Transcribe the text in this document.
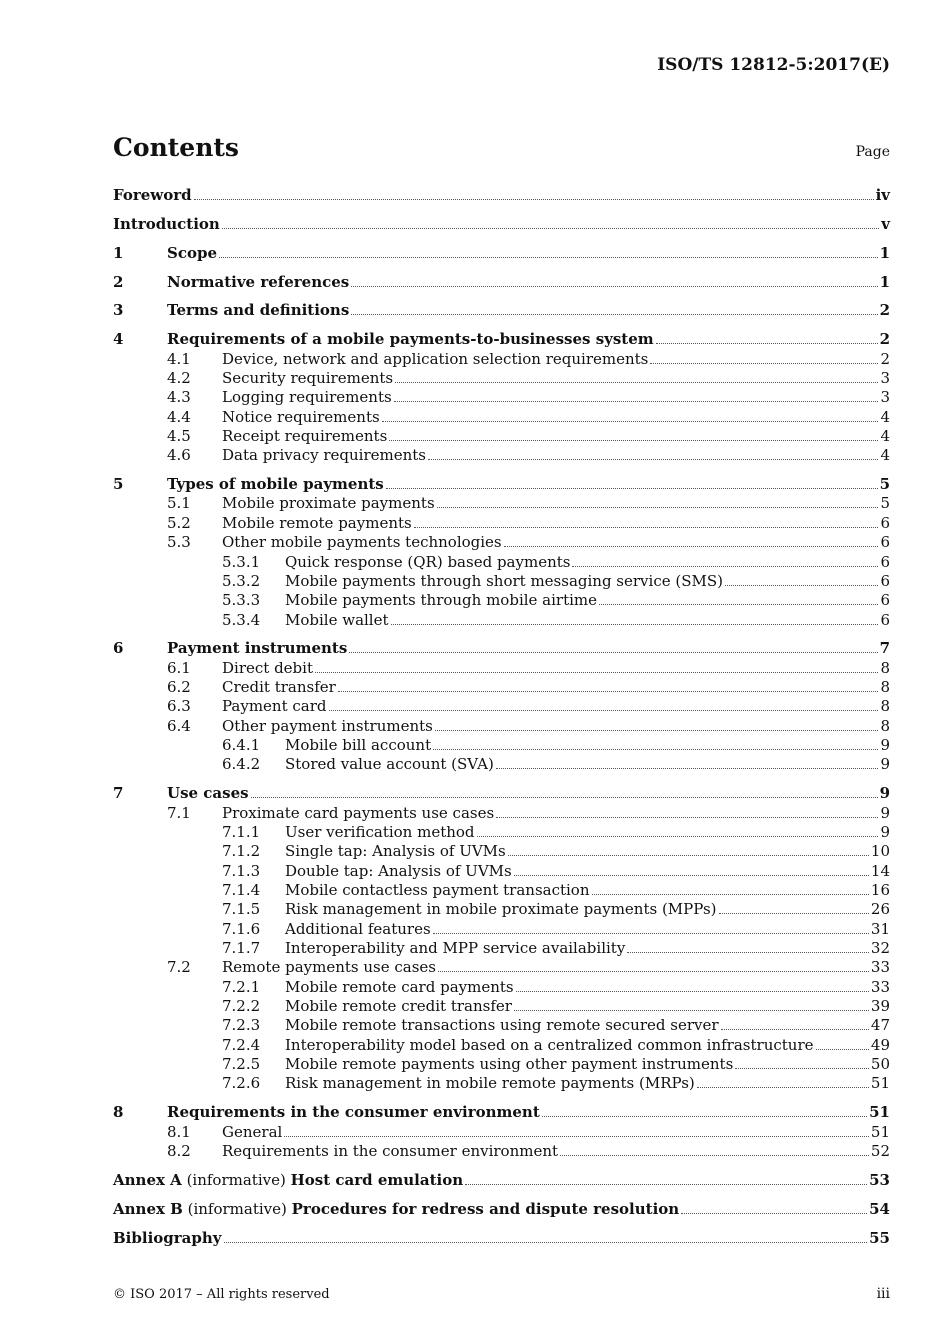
ISO/TS 12812-5:2017(E)
Contents	Page
Foreword	iv
Introduction	v
1	Scope	1
2	Normative references	1
3	Terms and definitions	2
4	Requirements of a mobile payments-to-businesses system	2
4.1 Device, network and application selection requirements	2
4.2 Security requirements	3
4.3 Logging requirements	3
4.4 Notice requirements	4
4.5 Receipt requirements	4
4.6 Data privacy requirements	4
5	Types of mobile payments	5
5.1 Mobile proximate payments	5
5.2 Mobile remote payments	6
5.3 Other mobile payments technologies	6
5.3.1 Quick response (QR) based payments	6
5.3.2 Mobile payments through short messaging service (SMS)	6
5.3.3 Mobile payments through mobile airtime	6
5.3.4 Mobile wallet	6
6	Payment instruments	7
6.1 Direct debit	8
6.2 Credit transfer	8
6.3 Payment card	8
6.4 Other payment instruments	8
6.4.1 Mobile bill account	9
6.4.2 Stored value account (SVA)	9
7	Use cases	9
7.1 Proximate card payments use cases	9
7.1.1 User verification method	9
7.1.2 Single tap: Analysis of UVMs	10
7.1.3 Double tap: Analysis of UVMs	14
7.1.4 Mobile contactless payment transaction	16
7.1.5 Risk management in mobile proximate payments (MPPs)	26
7.1.6 Additional features	31
7.1.7 Interoperability and MPP service availability	32
7.2 Remote payments use cases	33
7.2.1 Mobile remote card payments	33
7.2.2 Mobile remote credit transfer	39
7.2.3 Mobile remote transactions using remote secured server	47
7.2.4 Interoperability model based on a centralized common infrastructure	49
7.2.5 Mobile remote payments using other payment instruments	50
7.2.6 Risk management in mobile remote payments (MRPs)	51
8	Requirements in the consumer environment	51
8.1 General	51
8.2 Requirements in the consumer environment	52
Annex A (informative) Host card emulation	53
Annex B (informative) Procedures for redress and dispute resolution	54
Bibliography	55
© ISO 2017 – All rights reserved	iii
